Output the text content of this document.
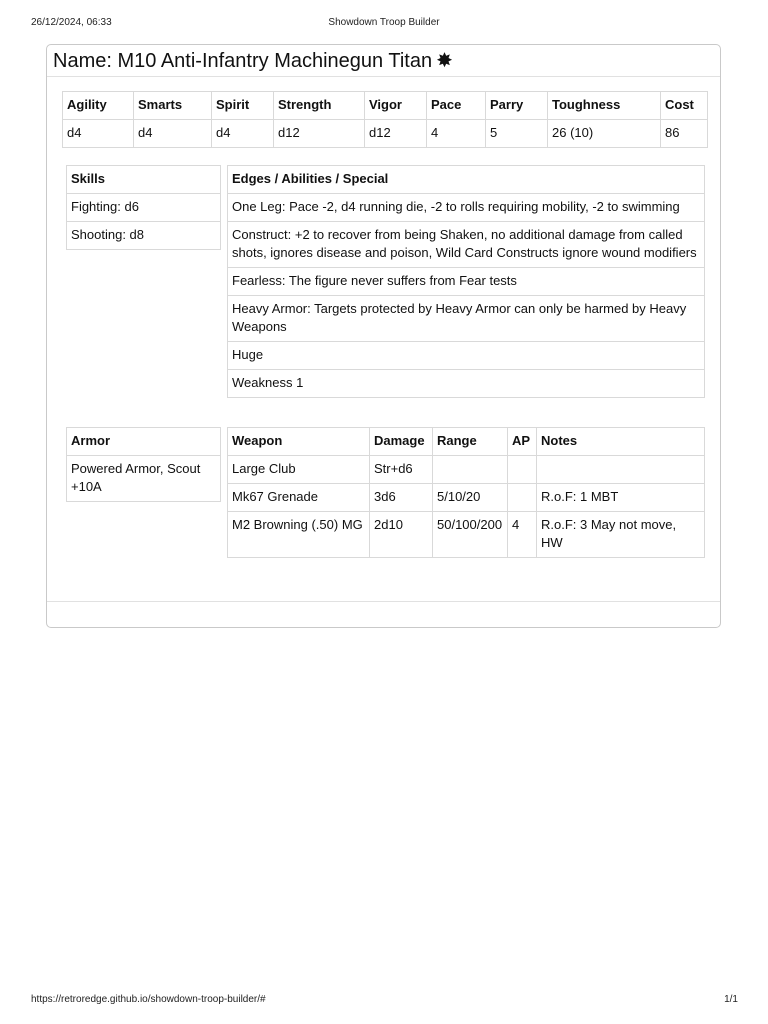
26/12/2024, 06:33	Showdown Troop Builder
Name: M10 Anti-Infantry Machinegun Titan ✸
Agility	Smarts	Spirit	Strength	Vigor	Pace	Parry	Toughness	Cost
d4	d4	d4	d12	d12	4	5	26 (10)	86
Skills
Fighting: d6
Shooting: d8
Edges / Abilities / Special
One Leg: Pace -2, d4 running die, -2 to rolls requiring mobility, -2 to swimming
Construct: +2 to recover from being Shaken, no additional damage from called shots, ignores disease and poison, Wild Card Constructs ignore wound modifiers
Fearless: The figure never suffers from Fear tests
Heavy Armor: Targets protected by Heavy Armor can only be harmed by Heavy Weapons
Huge
Weakness 1
Armor
Powered Armor, Scout +10A
Weapon	Damage	Range	AP	Notes
Large Club	Str+d6			
Mk67 Grenade	3d6	5/10/20		R.o.F: 1 MBT
M2 Browning (.50) MG	2d10	50/100/200	4	R.o.F: 3 May not move, HW
https://retroredge.github.io/showdown-troop-builder/#	1/1
